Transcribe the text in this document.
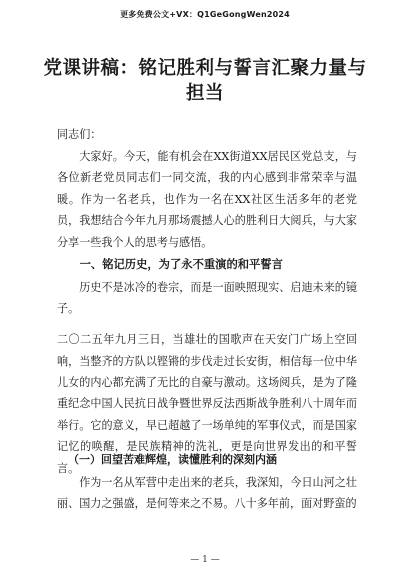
更多免费公文+VX：Q1GeGongWen2024
党课讲稿：铭记胜利与誓言汇聚力量与担当
同志们：

大家好。今天，能有机会在XX街道XX居民区党总支，与各位新老党员同志们一同交流，我的内心感到非常荣幸与温暖。作为一名老兵，也作为一名在XX社区生活多年的老党员，我想结合今年九月那场震撼人心的胜利日大阅兵，与大家分享一些我个人的思考与感悟。

一、铭记历史，为了永不重演的和平誓言

历史不是冰冷的卷宗，而是一面映照现实、启迪未来的镜子。

二〇二五年九月三日，当雄壮的国歌声在天安门广场上空回响，当整齐的方队以铿锵的步伐走过长安街，相信每一位中华儿女的内心都充满了无比的自豪与激动。这场阅兵，是为了隆重纪念中国人民抗日战争暨世界反法西斯战争胜利八十周年而举行。它的意义，早已超越了一场单纯的军事仪式，而是国家记忆的唤醒，是民族精神的洗礼，更是向世界发出的和平誓言。

（一）回望苦难辉煌，读懂胜利的深刻内涵

作为一名从军营中走出来的老兵，我深知，今日山河之壮丽、国力之强盛，是何等来之不易。八十多年前，面对野蛮的

— 1 —
